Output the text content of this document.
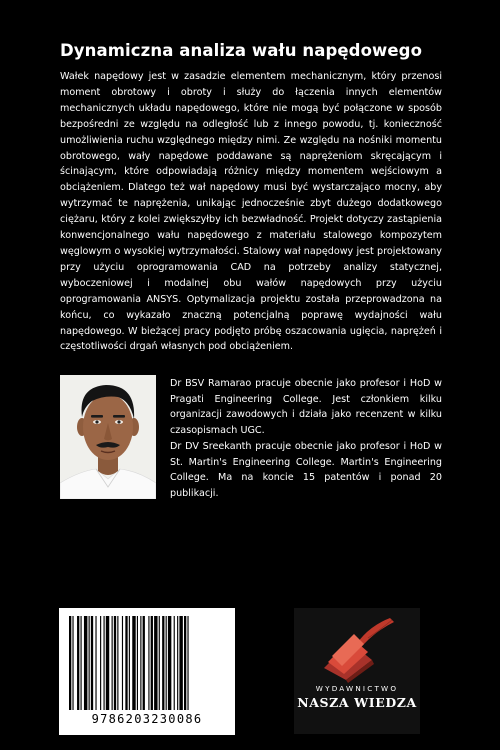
Dynamiczna analiza wału napędowego

Wałek napędowy jest w zasadzie elementem mechanicznym, który przenosi moment obrotowy i obroty i służy do łączenia innych elementów mechanicznych układu napędowego, które nie mogą być połączone w sposób bezpośredni ze względu na odległość lub z innego powodu, tj. konieczność umożliwienia ruchu względnego między nimi. Ze względu na nośniki momentu obrotowego, wały napędowe poddawane są naprężeniom skręcającym i ścinającym, które odpowiadają różnicy między momentem wejściowym a obciążeniem. Dlatego też wał napędowy musi być wystarczająco mocny, aby wytrzymać te naprężenia, unikając jednocześnie zbyt dużego dodatkowego ciężaru, który z kolei zwiększyłby ich bezwładność. Projekt dotyczy zastąpienia konwencjonalnego wału napędowego z materiału stalowego kompozytem węglowym o wysokiej wytrzymałości. Stalowy wał napędowy jest projektowany przy użyciu oprogramowania CAD na potrzeby analizy statycznej, wyboczeniowej i modalnej obu wałów napędowych przy użyciu oprogramowania ANSYS. Optymalizacja projektu została przeprowadzona na końcu, co wykazało znaczną potencjalną poprawę wydajności wału napędowego. W bieżącej pracy podjęto próbę oszacowania ugięcia, naprężeń i częstotliwości drgań własnych pod obciążeniem.

Dr BSV Ramarao pracuje obecnie jako profesor i HoD w Pragati Engineering College. Jest członkiem kilku organizacji zawodowych i działa jako recenzent w kilku czasopismach UGC.

Dr DV Sreekanth pracuje obecnie jako profesor i HoD w St. Martin's Engineering College. Martin's Engineering College. Ma na koncie 15 patentów i ponad 20 publikacji.

9786203230086
WYDAWNICTWO
NASZA WIEDZA
